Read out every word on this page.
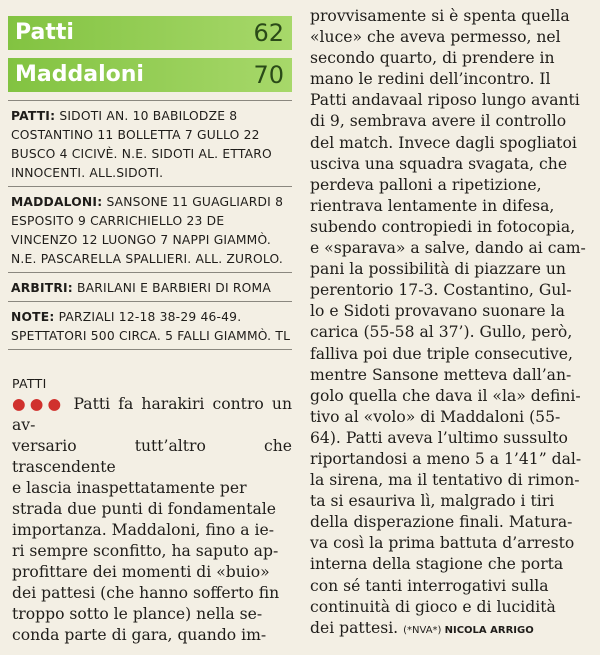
Patti	62
Maddaloni	70
PATTI: SIDOTI AN. 10 BABILODZE 8 COSTANTINO 11 BOLLETTA 7 GULLO 22 BUSCO 4 CICIVÈ. N.E. SIDOTI AL. ETTARO INNOCENTI. ALL.SIDOTI.
MADDALONI: SANSONE 11 GUAGLIARDI 8 ESPOSITO 9 CARRICHIELLO 23 DE VINCENZO 12 LUONGO 7 NAPPI GIAMMÒ. N.E. PASCARELLA SPALLIERI. ALL. ZUROLO.
ARBITRI: BARILANI E BARBIERI DI ROMA
NOTE: PARZIALI 12-18 38-29 46-49. SPETTATORI 500 CIRCA. 5 FALLI GIAMMÒ. TL
PATTI
●●● Patti fa harakiri contro un av-
versario tutt’altro che trascendente
e lascia inaspettatamente per
strada due punti di fondamentale
importanza. Maddaloni, fino a ie-
ri sempre sconfitto, ha saputo ap-
profittare dei momenti di «buio»
dei pattesi (che hanno sofferto fin
troppo sotto le plance) nella se-
conda parte di gara, quando im-
provvisamente si è spenta quella
«luce» che aveva permesso, nel
secondo quarto, di prendere in
mano le redini dell’incontro. Il
Patti andavaal riposo lungo avanti
di 9, sembrava avere il controllo
del match. Invece dagli spogliatoi
usciva una squadra svagata, che
perdeva palloni a ripetizione,
rientrava lentamente in difesa,
subendo contropiedi in fotocopia,
e «sparava» a salve, dando ai cam-
pani la possibilità di piazzare un
perentorio 17-3. Costantino, Gul-
lo e Sidoti provavano suonare la
carica (55-58 al 37’). Gullo, però,
falliva poi due triple consecutive,
mentre Sansone metteva dall’an-
golo quella che dava il «la» defini-
tivo al «volo» di Maddaloni (55-
64). Patti aveva l’ultimo sussulto
riportandosi a meno 5 a 1’41” dal-
la sirena, ma il tentativo di rimon-
ta si esauriva lì, malgrado i tiri
della disperazione finali. Matura-
va così la prima battuta d’arresto
interna della stagione che porta
con sé tanti interrogativi sulla
continuità di gioco e di lucidità
dei pattesi. (*NVA*) NICOLA ARRIGO
